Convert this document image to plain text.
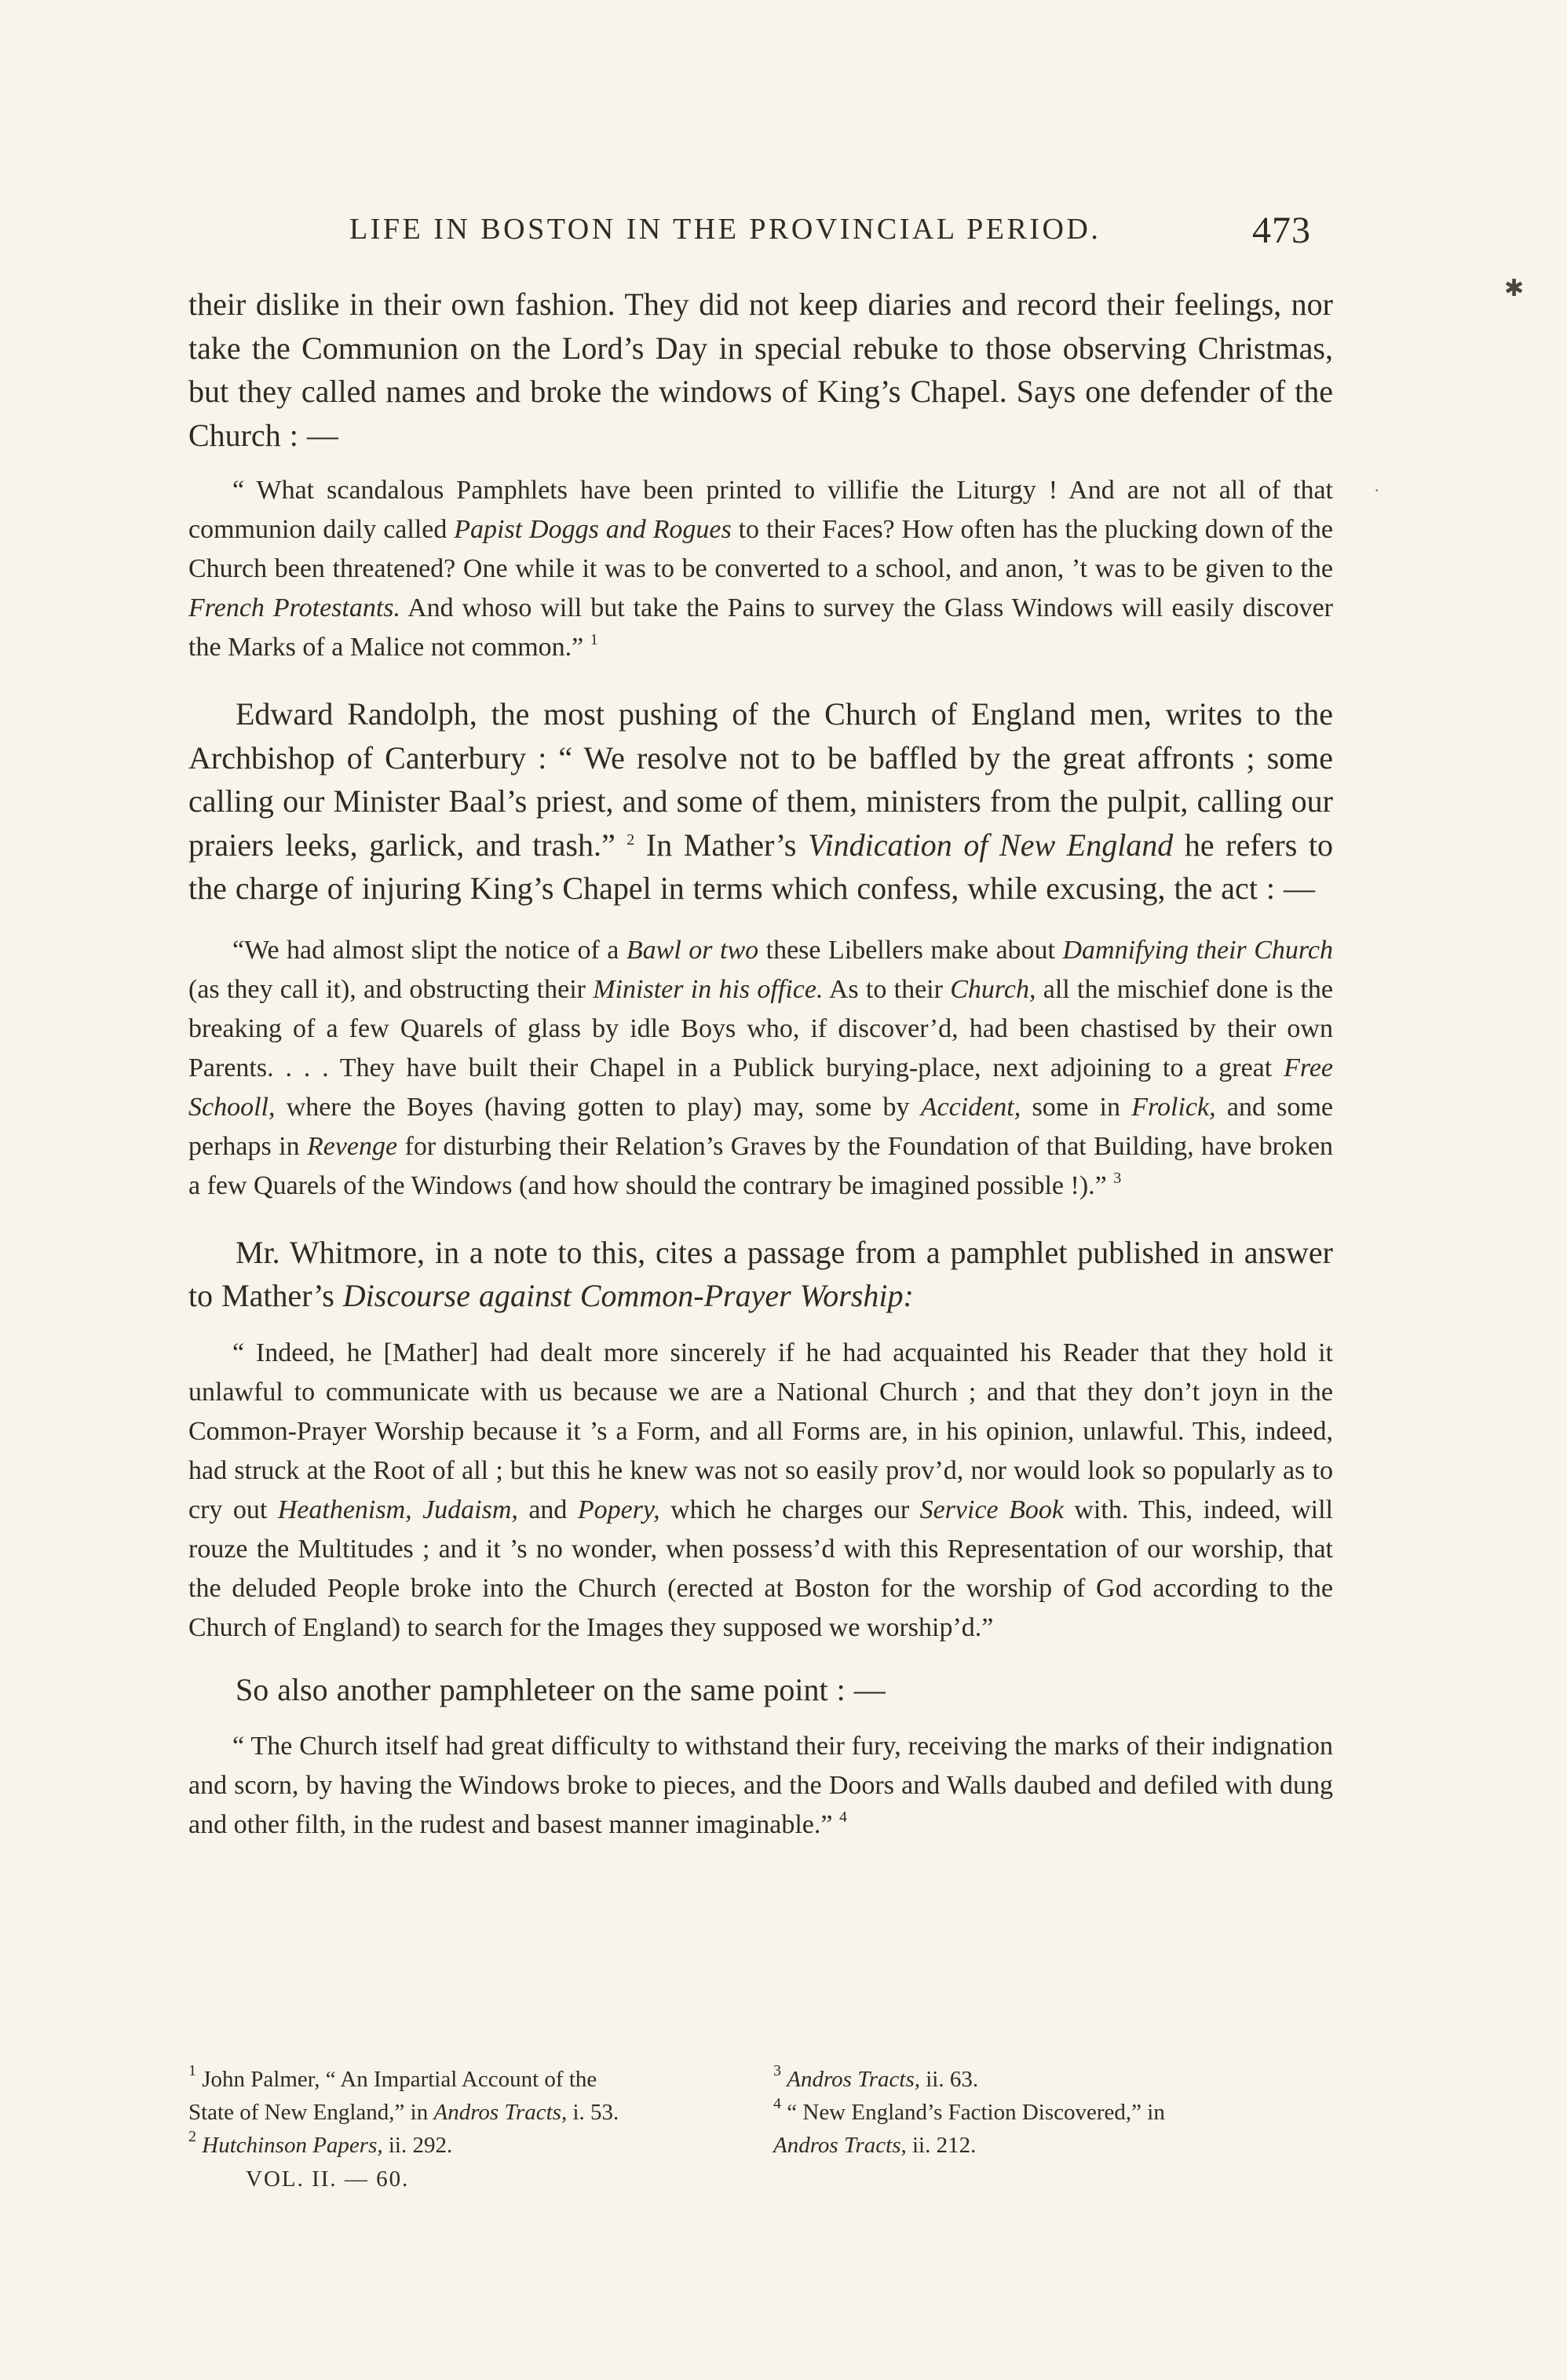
LIFE IN BOSTON IN THE PROVINCIAL PERIOD.	473
✱
·

their dislike in their own fashion. They did not keep diaries and record their feelings, nor take the Communion on the Lord’s Day in special rebuke to those observing Christmas, but they called names and broke the windows of King’s Chapel. Says one defender of the Church : —

“ What scandalous Pamphlets have been printed to villifie the Liturgy ! And are not all of that communion daily called Papist Doggs and Rogues to their Faces? How often has the plucking down of the Church been threatened? One while it was to be converted to a school, and anon, ’t was to be given to the French Protestants. And whoso will but take the Pains to survey the Glass Windows will easily discover the Marks of a Malice not common.” $^1$

Edward Randolph, the most pushing of the Church of England men, writes to the Archbishop of Canterbury : “ We resolve not to be baffled by the great affronts ; some calling our Minister Baal’s priest, and some of them, ministers from the pulpit, calling our praiers leeks, garlick, and trash.” $^2$ In Mather’s Vindication of New England he refers to the charge of injuring King’s Chapel in terms which confess, while excusing, the act : —

“We had almost slipt the notice of a Bawl or two these Libellers make about Damnifying their Church (as they call it), and obstructing their Minister in his office. As to their Church, all the mischief done is the breaking of a few Quarels of glass by idle Boys who, if discover’d, had been chastised by their own Parents. . . . They have built their Chapel in a Publick burying-place, next adjoining to a great Free Schooll, where the Boyes (having gotten to play) may, some by Accident, some in Frolick, and some perhaps in Revenge for disturbing their Relation’s Graves by the Foundation of that Building, have broken a few Quarels of the Windows (and how should the contrary be imagined possible !).” $^3$

Mr. Whitmore, in a note to this, cites a passage from a pamphlet published in answer to Mather’s Discourse against Common-Prayer Worship:

“ Indeed, he [Mather] had dealt more sincerely if he had acquainted his Reader that they hold it unlawful to communicate with us because we are a National Church ; and that they don’t joyn in the Common-Prayer Worship because it ’s a Form, and all Forms are, in his opinion, unlawful. This, indeed, had struck at the Root of all ; but this he knew was not so easily prov’d, nor would look so popularly as to cry out Heathenism, Judaism, and Popery, which he charges our Service Book with. This, indeed, will rouze the Multitudes ; and it ’s no wonder, when possess’d with this Representation of our worship, that the deluded People broke into the Church (erected at Boston for the worship of God according to the Church of England) to search for the Images they supposed we worship’d.”

So also another pamphleteer on the same point : —

“ The Church itself had great difficulty to withstand their fury, receiving the marks of their indignation and scorn, by having the Windows broke to pieces, and the Doors and Walls daubed and defiled with dung and other filth, in the rudest and basest manner imaginable.” $^4$

$^1$ John Palmer, “ An Impartial Account of the
State of New England,” in Andros Tracts, i. 53.
$^2$ Hutchinson Papers, ii. 292.
$^3$ Andros Tracts, ii. 63.
$^4$ “ New England’s Faction Discovered,” in
Andros Tracts, ii. 212.
VOL. II. — 60.
